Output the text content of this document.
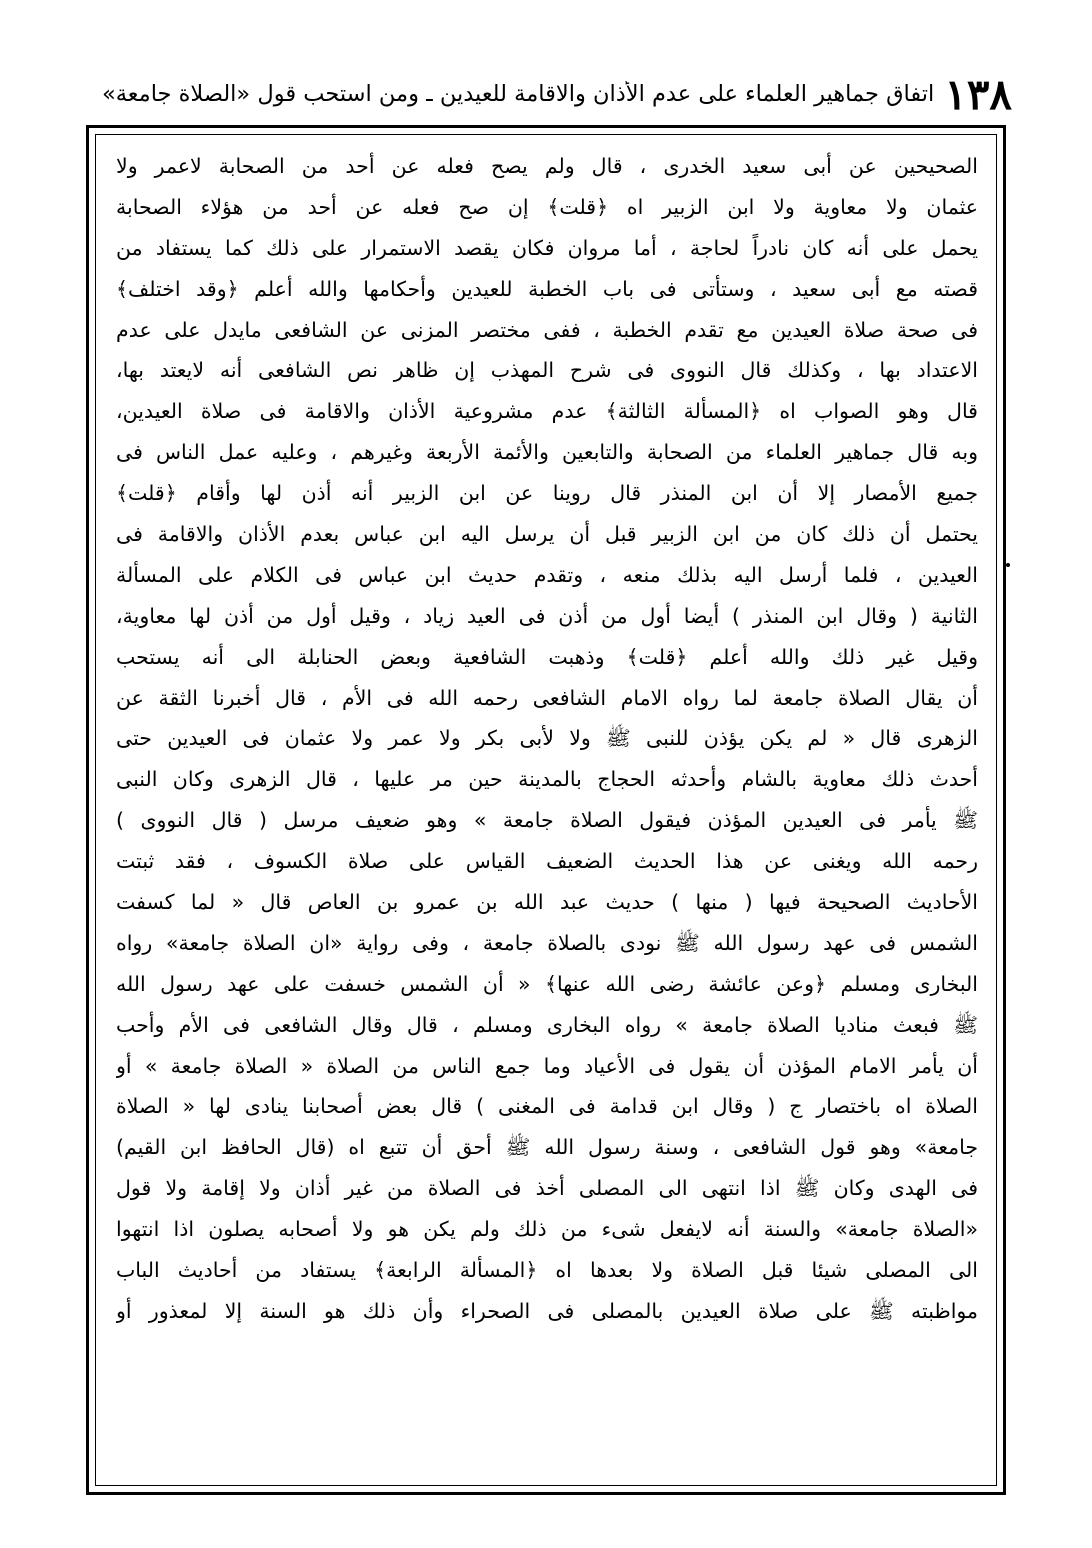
١٣٨
اتفاق جماهير العلماء على عدم الأذان والاقامة للعيدين ـ ومن استحب قول «الصلاة جامعة»
الصحيحين عن أبى سعيد الخدرى ، قال ولم يصح فعله عن أحد من الصحابة لاعمر ولا
عثمان ولا معاوية ولا ابن الزبير اه ﴿قلت﴾ إن صح فعله عن أحد من هؤلاء الصحابة
يحمل على أنه كان نادراً لحاجة ، أما مروان فكان يقصد الاستمرار على ذلك كما يستفاد من
قصته مع أبى سعيد ، وستأتى فى باب الخطبة للعيدين وأحكامها والله أعلم ﴿وقد اختلف﴾
فى صحة صلاة العيدين مع تقدم الخطبة ، ففى مختصر المزنى عن الشافعى مايدل على عدم
الاعتداد بها ، وكذلك قال النووى فى شرح المهذب إن ظاهر نص الشافعى أنه لايعتد بها،
قال وهو الصواب اه ﴿المسألة الثالثة﴾ عدم مشروعية الأذان والاقامة فى صلاة العيدين،
وبه قال جماهير العلماء من الصحابة والتابعين والأئمة الأربعة وغيرهم ، وعليه عمل الناس فى
جميع الأمصار إلا أن ابن المنذر قال روينا عن ابن الزبير أنه أذن لها وأقام ﴿قلت﴾
يحتمل أن ذلك كان من ابن الزبير قبل أن يرسل اليه ابن عباس بعدم الأذان والاقامة فى
العيدين ، فلما أرسل اليه بذلك منعه ، وتقدم حديث ابن عباس فى الكلام على المسألة
الثانية ( وقال ابن المنذر ) أيضا أول من أذن فى العيد زياد ، وقيل أول من أذن لها معاوية،
وقيل غير ذلك والله أعلم ﴿قلت﴾ وذهبت الشافعية وبعض الحنابلة الى أنه يستحب
أن يقال الصلاة جامعة لما رواه الامام الشافعى رحمه الله فى الأم ، قال أخبرنا الثقة عن
الزهرى قال « لم يكن يؤذن للنبى ﷺ ولا لأبى بكر ولا عمر ولا عثمان فى العيدين حتى
أحدث ذلك معاوية بالشام وأحدثه الحجاج بالمدينة حين مر عليها ، قال الزهرى وكان النبى
ﷺ يأمر فى العيدين المؤذن فيقول الصلاة جامعة » وهو ضعيف مرسل ( قال النووى )
رحمه الله ويغنى عن هذا الحديث الضعيف القياس على صلاة الكسوف ، فقد ثبتت
الأحاديث الصحيحة فيها ( منها ) حديث عبد الله بن عمرو بن العاص قال « لما كسفت
الشمس فى عهد رسول الله ﷺ نودى بالصلاة جامعة ، وفى رواية «ان الصلاة جامعة» رواه
البخارى ومسلم ﴿وعن عائشة رضى الله عنها﴾ « أن الشمس خسفت على عهد رسول الله
ﷺ فبعث مناديا الصلاة جامعة » رواه البخارى ومسلم ، قال وقال الشافعى فى الأم وأحب
أن يأمر الامام المؤذن أن يقول فى الأعياد وما جمع الناس من الصلاة « الصلاة جامعة » أو
الصلاة اه باختصار ج ( وقال ابن قدامة فى المغنى ) قال بعض أصحابنا ينادى لها « الصلاة
جامعة» وهو قول الشافعى ، وسنة رسول الله ﷺ أحق أن تتبع اه (قال الحافظ ابن القيم)
فى الهدى وكان ﷺ اذا انتهى الى المصلى أخذ فى الصلاة من غير أذان ولا إقامة ولا قول
«الصلاة جامعة» والسنة أنه لايفعل شىء من ذلك ولم يكن هو ولا أصحابه يصلون اذا انتهوا
الى المصلى شيئا قبل الصلاة ولا بعدها اه ﴿المسألة الرابعة﴾ يستفاد من أحاديث الباب
مواظبته ﷺ على صلاة العيدين بالمصلى فى الصحراء وأن ذلك هو السنة إلا لمعذور أو
